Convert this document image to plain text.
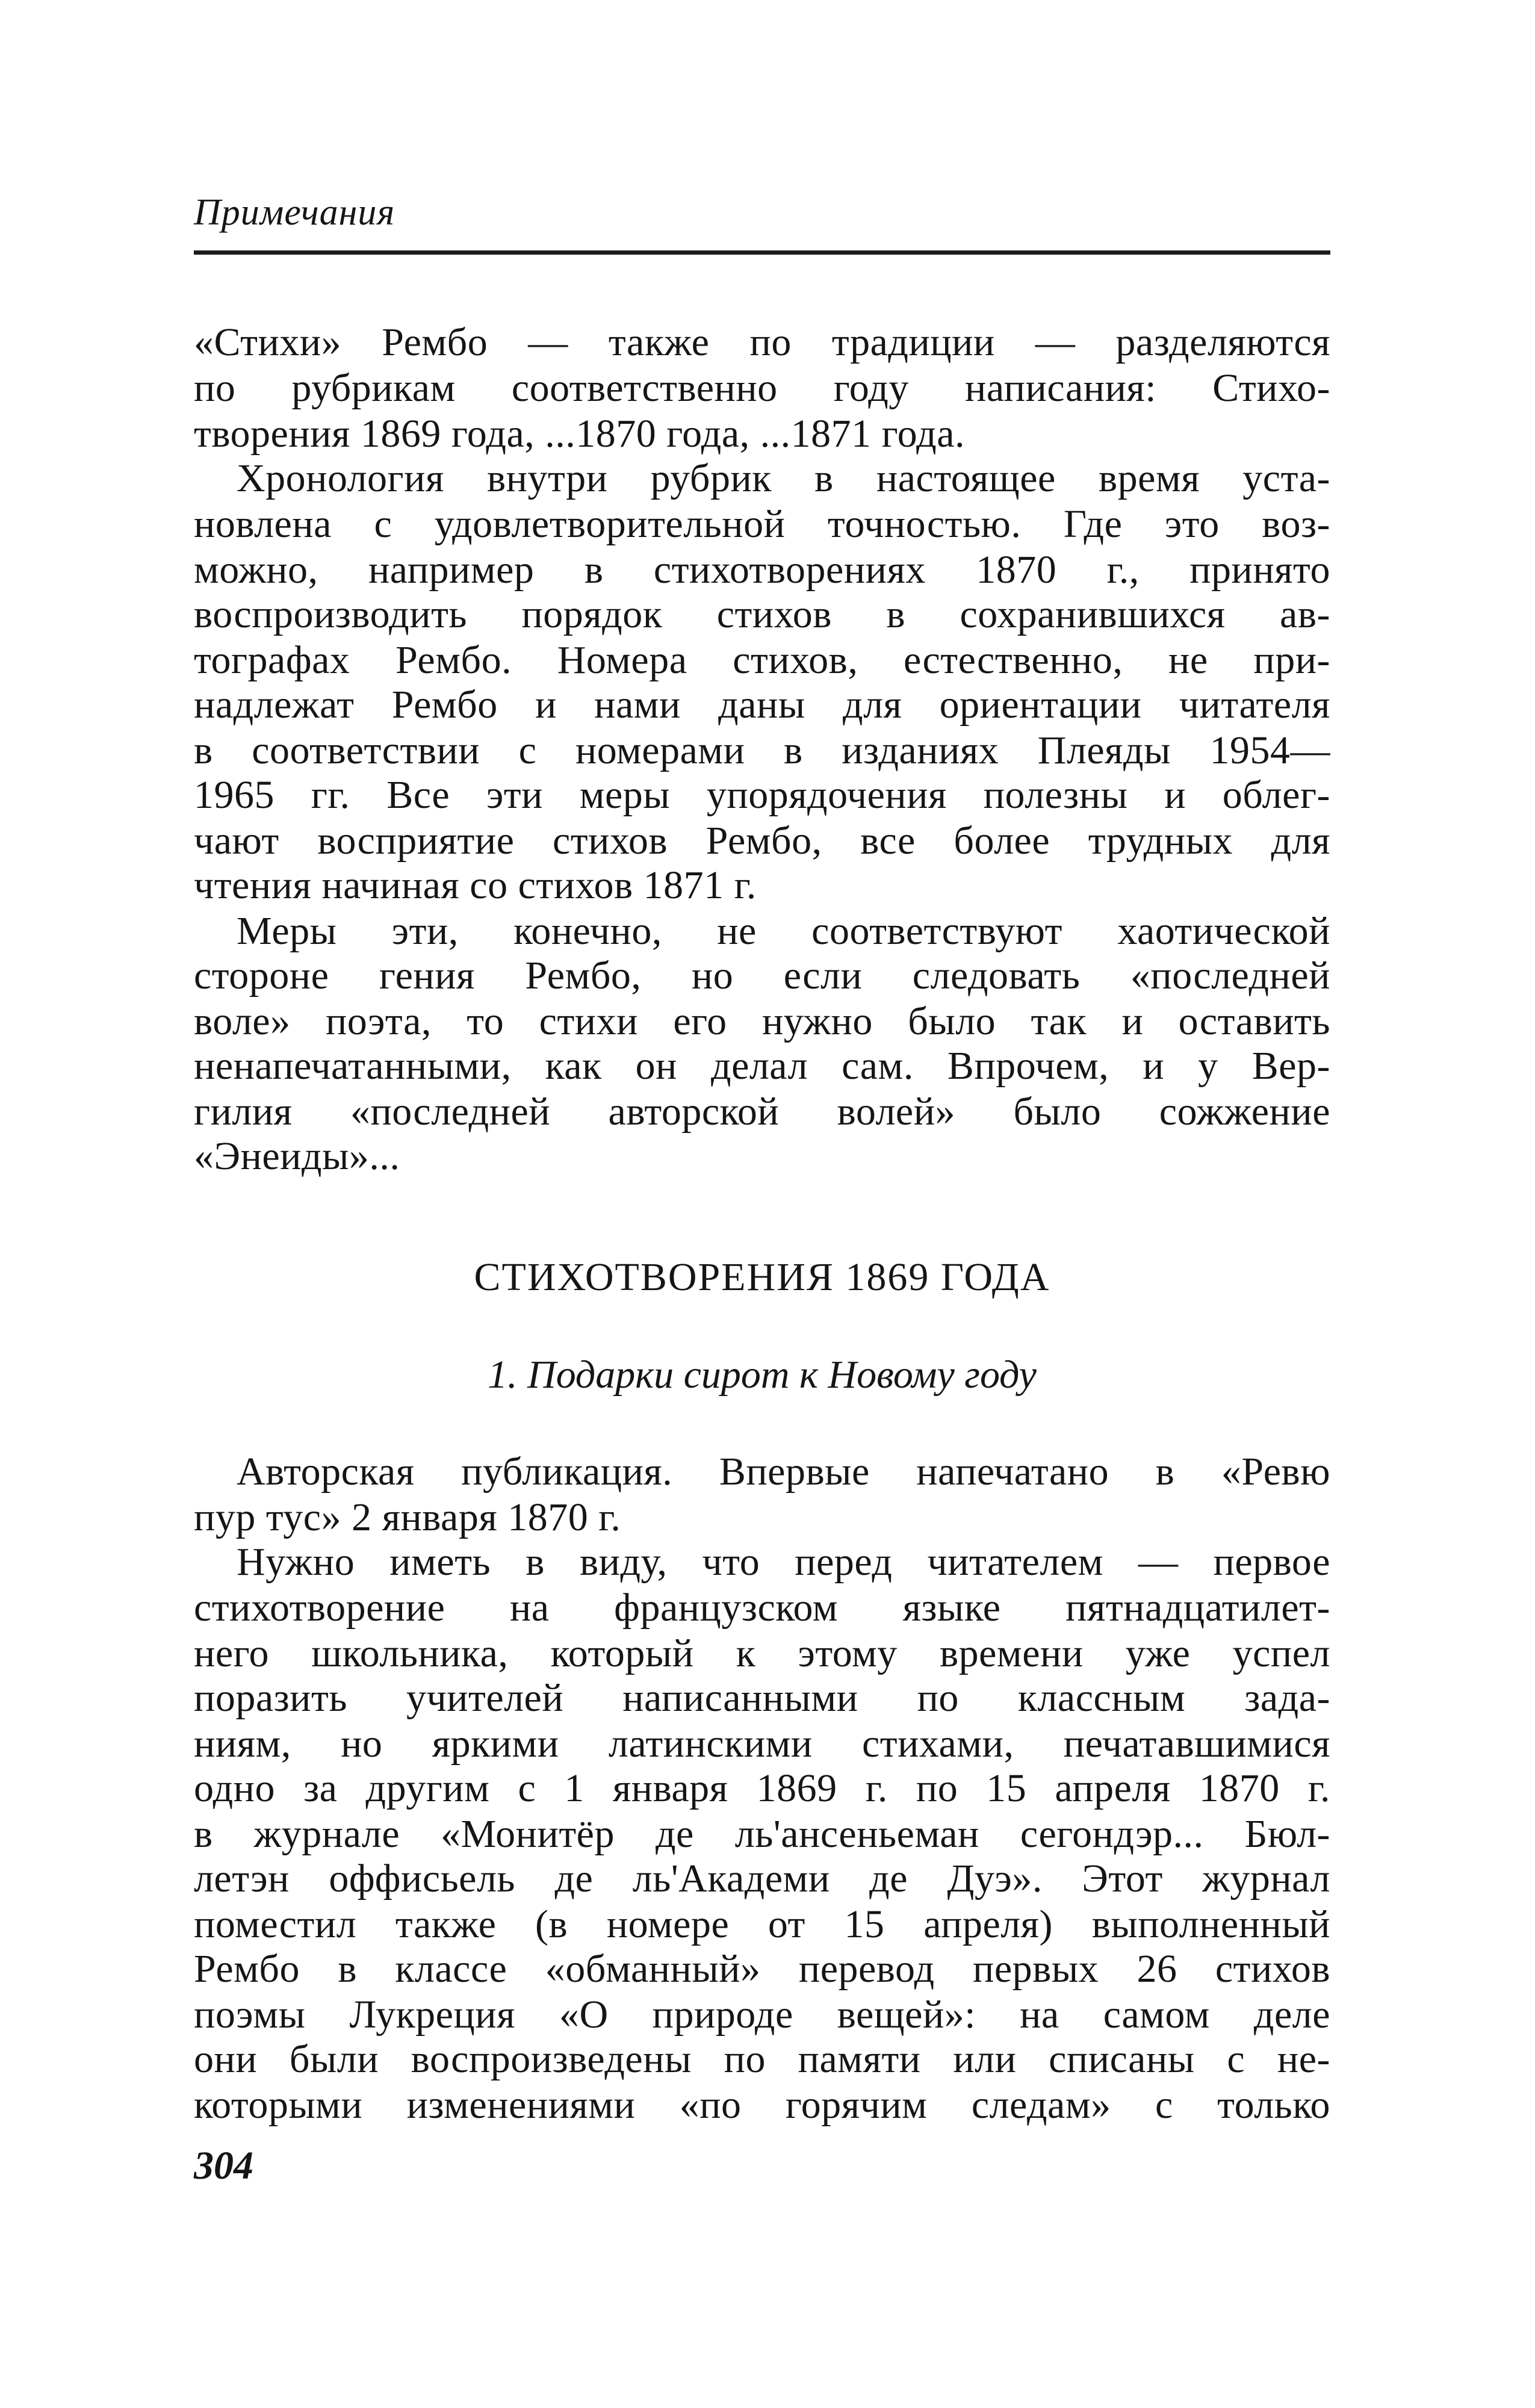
Примечания
«Стихи» Рембо — также по традиции — разделяются
по рубрикам соответственно году написания: Стихо-
творения 1869 года, ...1870 года, ...1871 года.
Хронология внутри рубрик в настоящее время уста-
новлена с удовлетворительной точностью. Где это воз-
можно, например в стихотворениях 1870 г., принято
воспроизводить порядок стихов в сохранившихся ав-
тографах Рембо. Номера стихов, естественно, не при-
надлежат Рембо и нами даны для ориентации читателя
в соответствии с номерами в изданиях Плеяды 1954—
1965 гг. Все эти меры упорядочения полезны и облег-
чают восприятие стихов Рембо, все более трудных для
чтения начиная со стихов 1871 г.
Меры эти, конечно, не соответствуют хаотической
стороне гения Рембо, но если следовать «последней
воле» поэта, то стихи его нужно было так и оставить
ненапечатанными, как он делал сам. Впрочем, и у Вер-
гилия «последней авторской волей» было сожжение
«Энеиды»...
СТИХОТВОРЕНИЯ 1869 ГОДА
1. Подарки сирот к Новому году
Авторская публикация. Впервые напечатано в «Ревю
пур тус» 2 января 1870 г.
Нужно иметь в виду, что перед читателем — первое
стихотворение на французском языке пятнадцатилет-
него школьника, который к этому времени уже успел
поразить учителей написанными по классным зада-
ниям, но яркими латинскими стихами, печатавшимися
одно за другим с 1 января 1869 г. по 15 апреля 1870 г.
в журнале «Монитёр де ль'ансеньеман сегондэр... Бюл-
летэн оффисьель де ль'Академи де Дуэ». Этот журнал
поместил также (в номере от 15 апреля) выполненный
Рембо в классе «обманный» перевод первых 26 стихов
поэмы Лукреция «О природе вещей»: на самом деле
они были воспроизведены по памяти или списаны с не-
которыми изменениями «по горячим следам» с только
304
